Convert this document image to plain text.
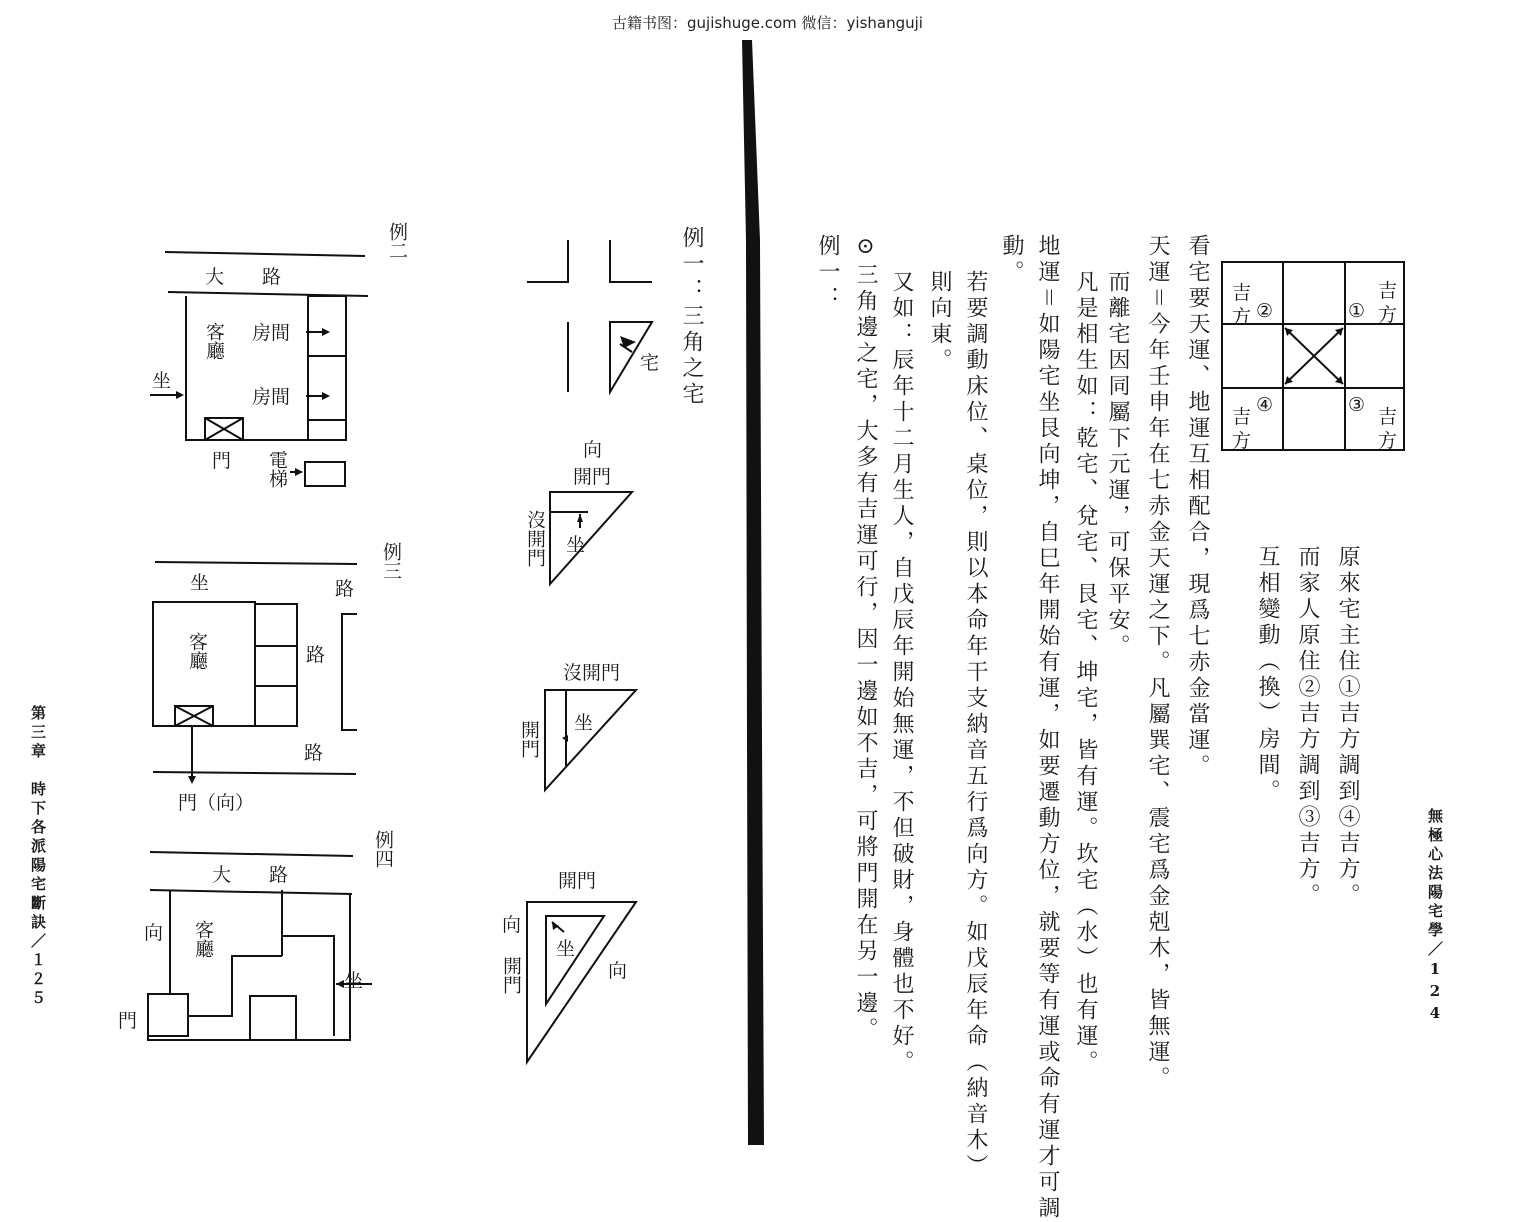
古籍书图：gujishuge.com 微信：yishanguji
無極心法陽宅學／124
吉
方
①
吉
方 ②
③
吉
方
④
吉
方
原來宅主住①吉方調到④吉方。
而家人原住②吉方調到③吉方。
互相變動（換）房間。
看宅要天運、地運互相配合，現爲七赤金當運。
天運＝今年壬申年在七赤金天運之下。凡屬巽宅、震宅爲金剋木，皆無運。
而離宅因同屬下元運，可保平安。
凡是相生如：乾宅、兌宅、艮宅、坤宅，皆有運。坎宅（水）也有運。
地運＝如陽宅坐艮向坤，自巳年開始有運，如要遷動方位，就要等有運或命有運才可調
動。
若要調動床位、桌位，則以本命年干支納音五行爲向方。如戊辰年命（納音木）
則向東。
又如：辰年十二月生人，自戊辰年開始無運，不但破財，身體也不好。
例一： ⊙三角邊之宅，大多有吉運可行，因一邊如不吉，可將門開在另一邊。
第三章　時下各派陽宅斷訣／１２５
例一：三角之宅
宅
向
開門
沒開門 坐
沒開門
開門 坐
開門
向
開門
坐
向
例二
大　　路
房間
房間
客廳
坐
門 電梯
例三
坐	路
路
路
客廳
門（向）
例四
大　　路
向 客廳
門
坐
